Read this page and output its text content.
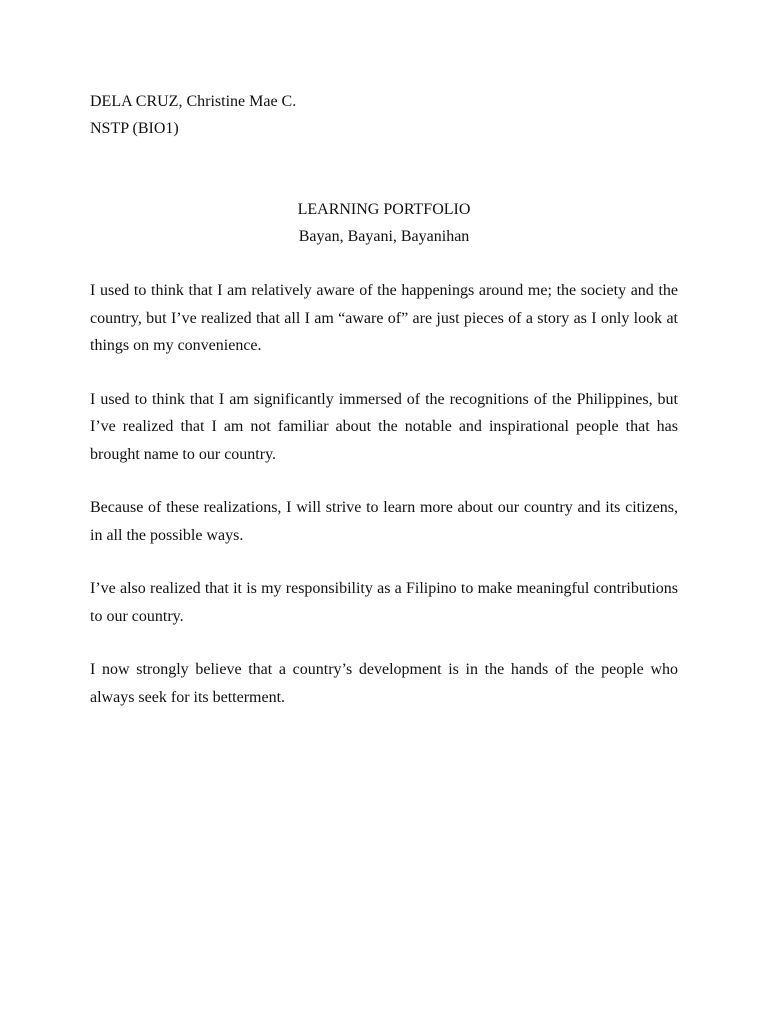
DELA CRUZ, Christine Mae C.

NSTP (BIO1)

LEARNING PORTFOLIO

Bayan, Bayani, Bayanihan

I used to think that I am relatively aware of the happenings around me; the society and the country, but I’ve realized that all I am “aware of” are just pieces of a story as I only look at things on my convenience.

I used to think that I am significantly immersed of the recognitions of the Philippines, but I’ve realized that I am not familiar about the notable and inspirational people that has brought name to our country.

Because of these realizations, I will strive to learn more about our country and its citizens, in all the possible ways.

I’ve also realized that it is my responsibility as a Filipino to make meaningful contributions to our country.

I now strongly believe that a country’s development is in the hands of the people who always seek for its betterment.
